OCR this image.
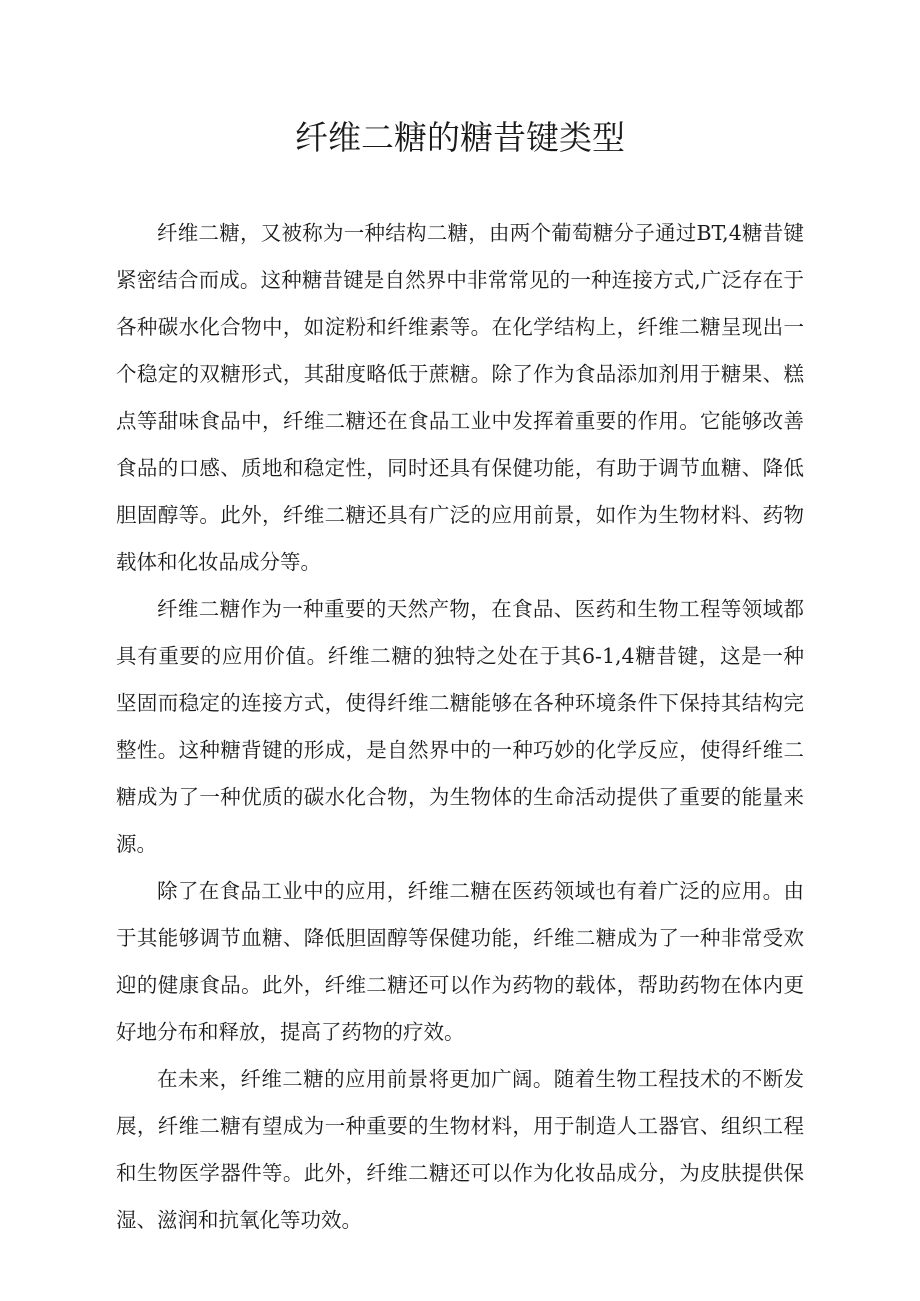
纤维二糖的糖昔键类型

纤维二糖，又被称为一种结构二糖，由两个葡萄糖分子通过BT,4糖昔键紧密结合而成。这种糖昔键是自然界中非常常见的一种连接方式,广泛存在于各种碳水化合物中，如淀粉和纤维素等。在化学结构上，纤维二糖呈现出一个稳定的双糖形式，其甜度略低于蔗糖。除了作为食品添加剂用于糖果、糕点等甜味食品中，纤维二糖还在食品工业中发挥着重要的作用。它能够改善食品的口感、质地和稳定性，同时还具有保健功能，有助于调节血糖、降低胆固醇等。此外，纤维二糖还具有广泛的应用前景，如作为生物材料、药物载体和化妆品成分等。

纤维二糖作为一种重要的天然产物，在食品、医药和生物工程等领域都具有重要的应用价值。纤维二糖的独特之处在于其6-1,4糖昔键，这是一种坚固而稳定的连接方式，使得纤维二糖能够在各种环境条件下保持其结构完整性。这种糖背键的形成，是自然界中的一种巧妙的化学反应，使得纤维二糖成为了一种优质的碳水化合物，为生物体的生命活动提供了重要的能量来源。

除了在食品工业中的应用，纤维二糖在医药领域也有着广泛的应用。由于其能够调节血糖、降低胆固醇等保健功能，纤维二糖成为了一种非常受欢迎的健康食品。此外，纤维二糖还可以作为药物的载体，帮助药物在体内更好地分布和释放，提高了药物的疗效。

在未来，纤维二糖的应用前景将更加广阔。随着生物工程技术的不断发展，纤维二糖有望成为一种重要的生物材料，用于制造人工器官、组织工程和生物医学器件等。此外，纤维二糖还可以作为化妆品成分，为皮肤提供保湿、滋润和抗氧化等功效。
